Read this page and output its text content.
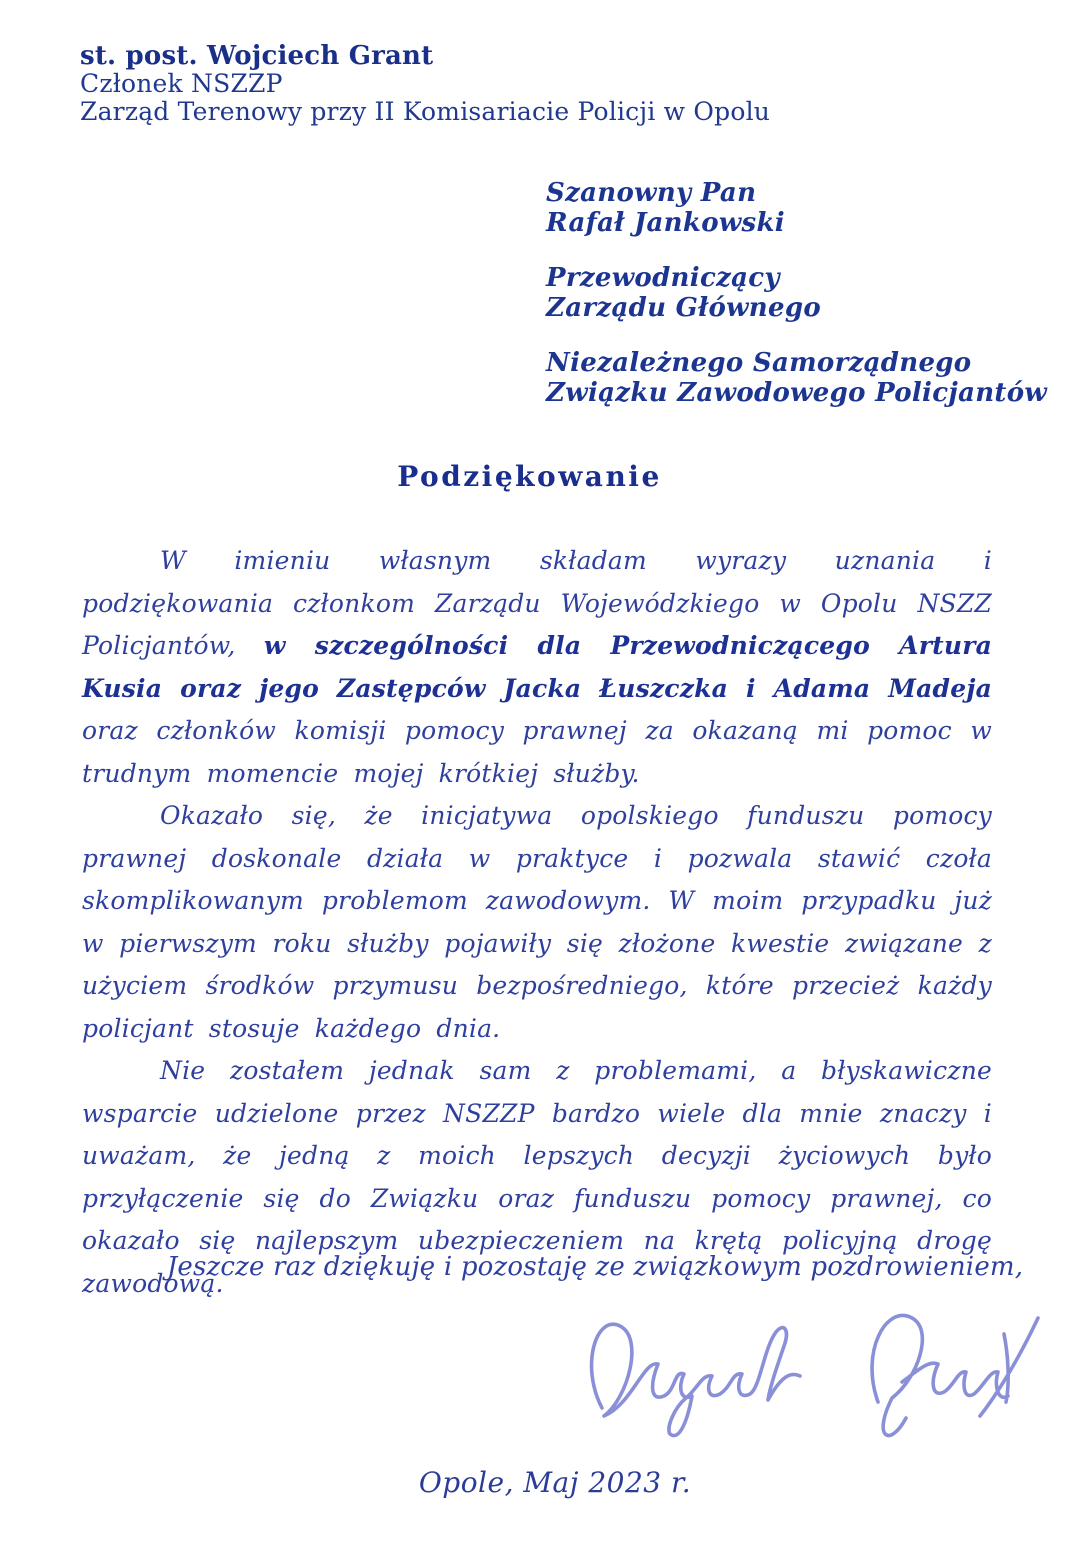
st. post. Wojciech Grant
Członek NSZZP
Zarząd Terenowy przy II Komisariacie Policji w Opolu
Szanowny Pan
Rafał Jankowski
Przewodniczący
Zarządu Głównego
Niezależnego Samorządnego
Związku Zawodowego Policjantów
Podziękowanie

W imieniu własnym składam wyrazy uznania i podziękowania członkom Zarządu Wojewódzkiego w Opolu NSZZ Policjantów, w szczególności dla Przewodniczącego Artura Kusia oraz jego Zastępców Jacka Łuszczka i Adama Madeja oraz członków komisji pomocy prawnej za okazaną mi pomoc w trudnym momencie mojej krótkiej służby.

Okazało się, że inicjatywa opolskiego funduszu pomocy prawnej doskonale działa w praktyce i pozwala stawić czoła skomplikowanym problemom zawodowym. W moim przypadku już w pierwszym roku służby pojawiły się złożone kwestie związane z użyciem środków przymusu bezpośredniego, które przecież każdy policjant stosuje każdego dnia.

Nie zostałem jednak sam z problemami, a błyskawiczne wsparcie udzielone przez NSZZP bardzo wiele dla mnie znaczy i uważam, że jedną z moich lepszych decyzji życiowych było przyłączenie się do Związku oraz funduszu pomocy prawnej, co okazało się najlepszym ubezpieczeniem na krętą policyjną drogę zawodową.

Jeszcze raz dziękuję i pozostaję ze związkowym pozdrowieniem,
Opole, Maj 2023 r.
